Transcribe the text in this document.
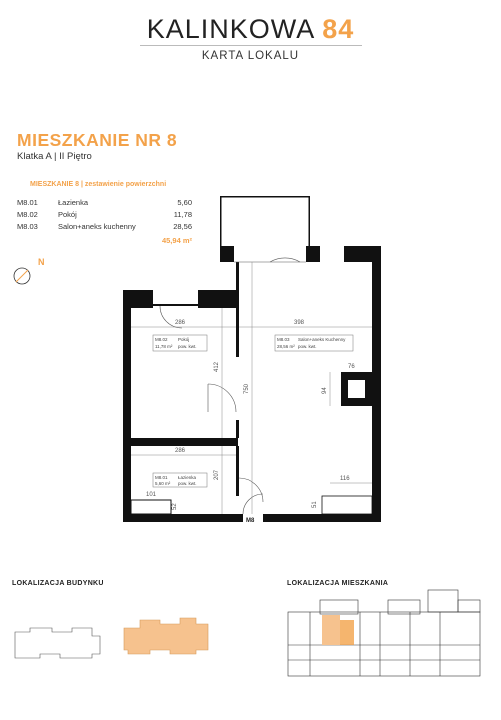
KALINKOWA 84
KARTA LOKALU
MIESZKANIE NR 8
Klatka A | II Piętro
MIESZKANIE 8 | zestawienie powierzchni
M8.01	Łazienka	5,60
M8.02	Pokój	11,78
M8.03	Salon+aneks kuchenny	28,56
45,94 m²
N
286	398
286
412
750
207
101
52
76
94
116
51
M8.02 Pokój
11,78 m² pow. kwt.
M8.03 Salon+aneks Kuchenny
28,56 m² pow. kwt.
M8.01 Łazienka
5,60 m² pow. kwt.
M8
LOKALIZACJA BUDYNKU	LOKALIZACJA MIESZKANIA
